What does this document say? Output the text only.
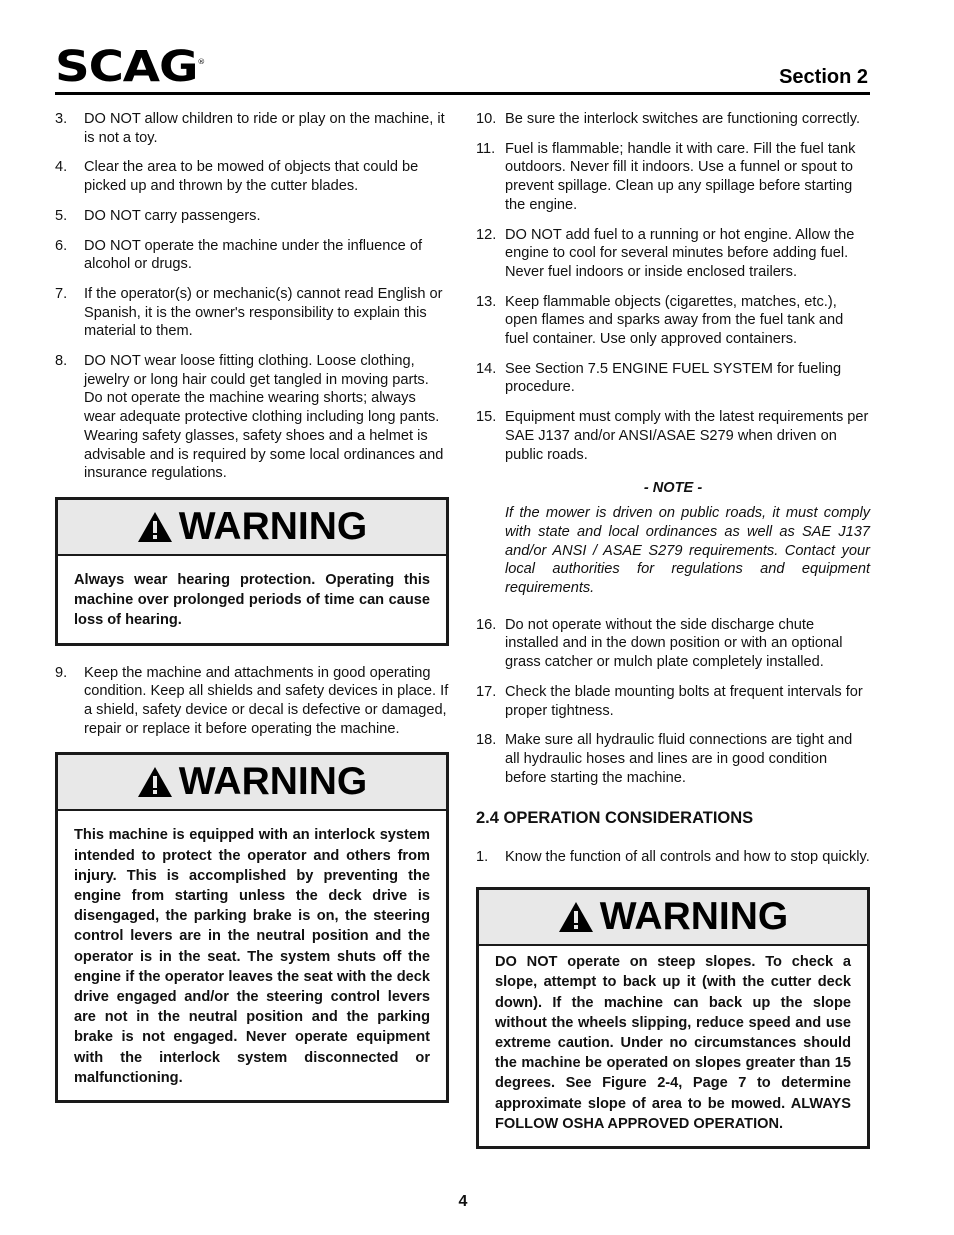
SCAG®
Section 2
3. DO NOT allow children to ride or play on the machine, it is not a toy.
4. Clear the area to be mowed of objects that could be picked up and thrown by the cutter blades.
5. DO NOT carry passengers.
6. DO NOT operate the machine under the influence of alcohol or drugs.
7. If the operator(s) or mechanic(s) cannot read English or Spanish, it is the owner's responsibility to explain this material to them.
8. DO NOT wear loose fitting clothing. Loose clothing, jewelry or long hair could get tangled in moving parts. Do not operate the machine wearing shorts; always wear adequate protective clothing including long pants. Wearing safety glasses, safety shoes and a helmet is advisable and is required by some local ordinances and insurance regulations.
WARNING
Always wear hearing protection. Operating this machine over prolonged periods of time can cause loss of hearing.
9. Keep the machine and attachments in good operating condition. Keep all shields and safety devices in place. If a shield, safety device or decal is defective or damaged, repair or replace it before operating the machine.
WARNING
This machine is equipped with an interlock system intended to protect the operator and others from injury. This is accomplished by preventing the engine from starting unless the deck drive is disengaged, the parking brake is on, the steering control levers are in the neutral position and the operator is in the seat. The system shuts off the engine if the operator leaves the seat with the deck drive engaged and/or the steering control levers are not in the neutral position and the parking brake is not engaged. Never operate equipment with the interlock system disconnected or malfunctioning.
10. Be sure the interlock switches are functioning correctly.
11. Fuel is flammable; handle it with care. Fill the fuel tank outdoors. Never fill it indoors. Use a funnel or spout to prevent spillage. Clean up any spillage before starting the engine.
12. DO NOT add fuel to a running or hot engine. Allow the engine to cool for several minutes before adding fuel. Never fuel indoors or inside enclosed trailers.
13. Keep flammable objects (cigarettes, matches, etc.), open flames and sparks away from the fuel tank and fuel container. Use only approved containers.
14. See Section 7.5 ENGINE FUEL SYSTEM for fueling procedure.
15. Equipment must comply with the latest requirements per SAE J137 and/or ANSI/ASAE S279 when driven on public roads.
- NOTE -
If the mower is driven on public roads, it must comply with state and local ordinances as well as SAE J137 and/or ANSI / ASAE S279 requirements. Contact your local authorities for regulations and equipment requirements.
16. Do not operate without the side discharge chute installed and in the down position or with an optional grass catcher or mulch plate completely installed.
17. Check the blade mounting bolts at frequent intervals for proper tightness.
18. Make sure all hydraulic fluid connections are tight and all hydraulic hoses and lines are in good condition before starting the machine.
2.4 OPERATION CONSIDERATIONS
1. Know the function of all controls and how to stop quickly.
WARNING
DO NOT operate on steep slopes. To check a slope, attempt to back up it (with the cutter deck down). If the machine can back up the slope without the wheels slipping, reduce speed and use extreme caution. Under no circumstances should the machine be operated on slopes greater than 15 degrees. See Figure 2-4, Page 7 to determine approximate slope of area to be mowed. ALWAYS FOLLOW OSHA APPROVED OPERATION.
4
